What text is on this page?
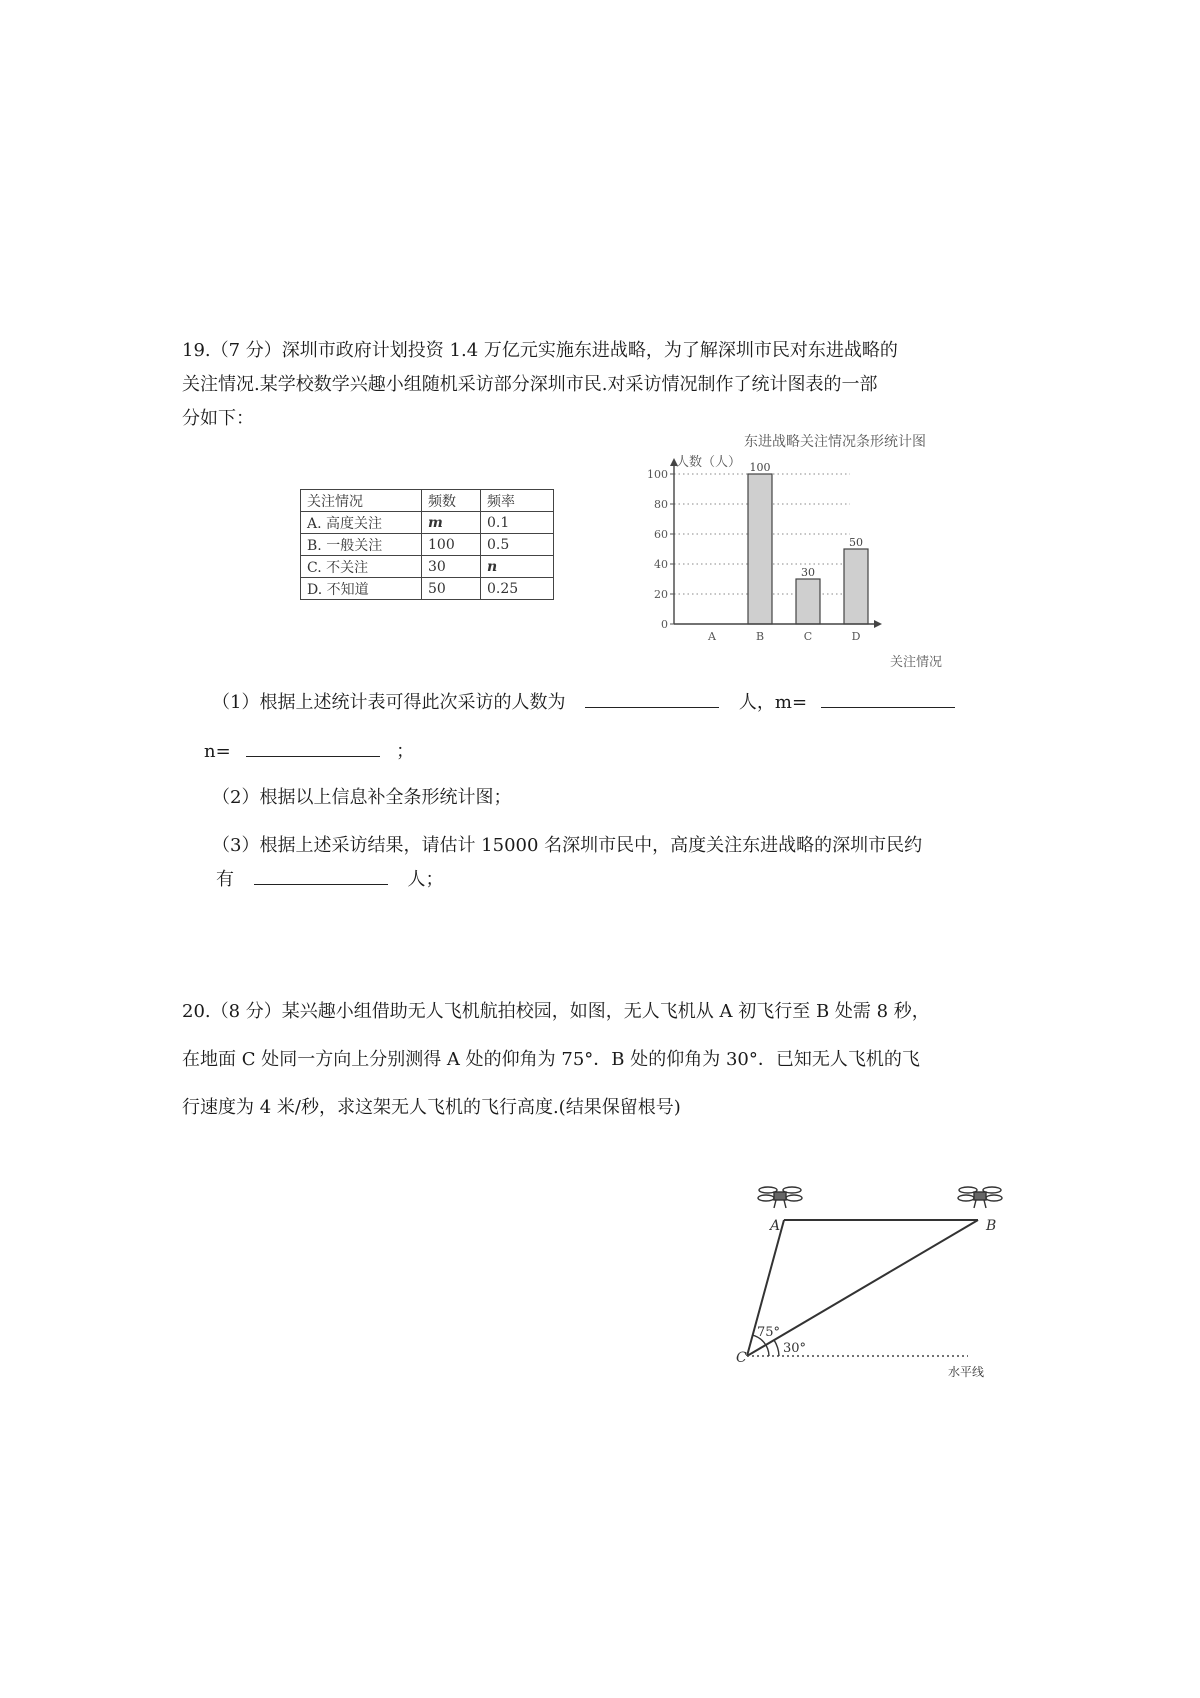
19.（7 分）深圳市政府计划投资 1.4 万亿元实施东进战略，为了解深圳市民对东进战略的
关注情况.某学校数学兴趣小组随机采访部分深圳市民.对采访情况制作了统计图表的一部
分如下：
关注情况	频数	频率
A. 高度关注	m	0.1
B. 一般关注	100	0.5
C. 不关注	30	n
D. 不知道	50	0.25
东进战略关注情况条形统计图
人数（人）
关注情况
0
20
40
60
80
100
A	B	C	D
100
30
50
（1）根据上述统计表可得此次采访的人数为	人，m=
n=	；
（2）根据以上信息补全条形统计图；
（3）根据上述采访结果，请估计 15000 名深圳市民中，高度关注东进战略的深圳市民约
有	人；
20.（8 分）某兴趣小组借助无人飞机航拍校园，如图，无人飞机从 A 初飞行至 B 处需 8 秒，
在地面 C 处同一方向上分别测得 A 处的仰角为 75°．B 处的仰角为 30°．已知无人飞机的飞
行速度为 4 米/秒，求这架无人飞机的飞行高度.(结果保留根号)
A	B
C
75°
30°
水平线
